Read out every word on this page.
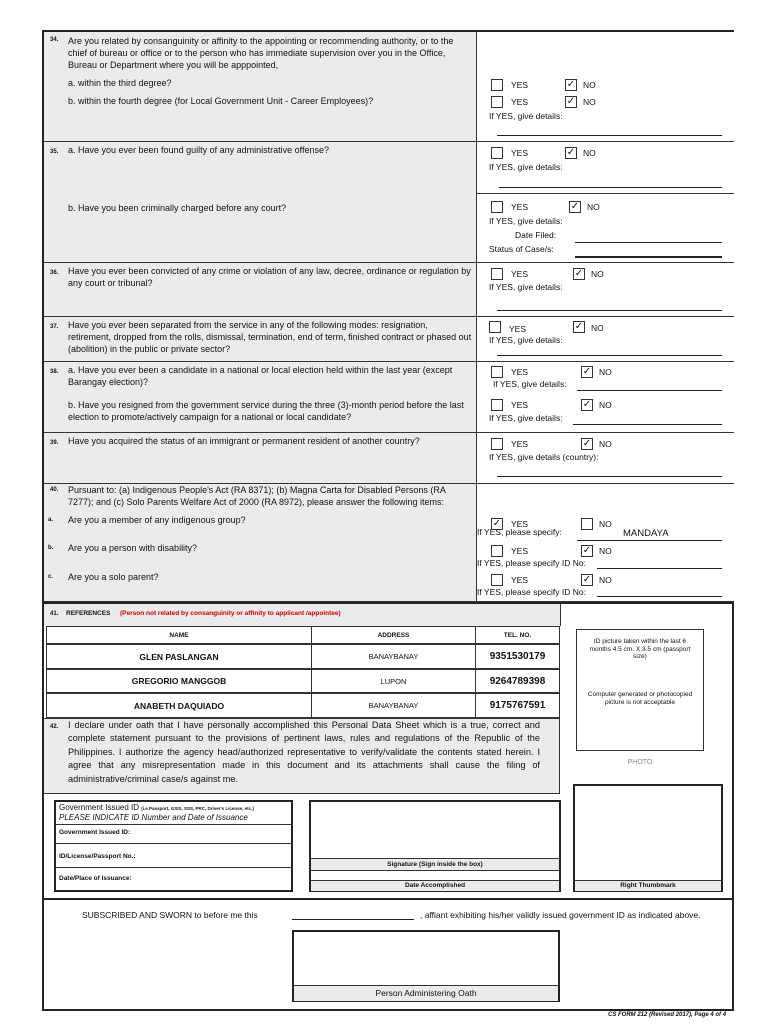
34. Are you related by consanguinity or affinity to the appointing or recommending authority, or to the chief of bureau or office or to the person who has immediate supervision over you in the Office, Bureau or Department where you will be apppointed,
a. within the third degree?
b. within the fourth degree (for Local Government Unit - Career Employees)?
YES	✓ NO
YES	✓ NO
If YES, give details:
35. a. Have you ever been found guilty of any administrative offense?	YES	✓ NO
If YES, give details:
b. Have you been criminally charged before any court?	YES	✓ NO
If YES, give details:
Date Filed:
Status of Case/s:
36. Have you ever been convicted of any crime or violation of any law, decree, ordinance or regulation by any court or tribunal?
YES	✓ NO
If YES, give details:
37. Have you ever been separated from the service in any of the following modes: resignation, retirement, dropped from the rolls, dismissal, termination, end of term, finished contract or phased out (abolition) in the public or private sector?
YES	✓ NO
If YES, give details:
38. a. Have you ever been a candidate in a national or local election held within the last year (except Barangay election)?
b. Have you resigned from the government service during the three (3)-month period before the last election to promote/actively campaign for a national or local candidate?
YES	✓ NO
If YES, give details:
YES	✓ NO
If YES, give details:
39. Have you acquired the status of an immigrant or permanent resident of another country?	YES	✓ NO
If YES, give details (country):
40. Pursuant to: (a) Indigenous People's Act (RA 8371); (b) Magna Carta for Disabled Persons (RA 7277); and (c) Solo Parents Welfare Act of 2000 (RA 8972), please answer the following items:
a. Are you a member of any indigenous group?
b. Are you a person with disability?
c. Are you a solo parent?
✓ YES	NO
If YES, please specify:	MANDAYA
YES	✓ NO
If YES, please specify ID No:
YES	✓ NO
If YES, please specify ID No:
41. REFERENCES (Person not related by consanguinity or affinity to applicant /appointee)
NAME	ADDRESS	TEL. NO.
GLEN PASLANGAN	BANAYBANAY	9351530179
GREGORIO MANGGOB	LUPON	9264789398
ANABETH DAQUIADO	BANAYBANAY	9175767591
ID picture taken within the last 6 months 4.5 cm. X 3.5 cm (passport size)
Computer generated or photocopied picture is not acceptable
PHOTO
42. I declare under oath that I have personally accomplished this Personal Data Sheet which is a true, correct and complete statement pursuant to the provisions of pertinent laws, rules and regulations of the Republic of the Philippines. I authorize the agency head/authorized representative to verify/validate the contents stated herein. I agree that any misrepresentation made in this document and its attachments shall cause the filing of administrative/criminal case/s against me.
Government Issued ID (i.e.Passport, GSIS, SSS, PRC, Driver's License, etc.)
PLEASE INDICATE ID Number and Date of Issuance
Government Issued ID:
ID/License/Passport No.:
Date/Place of Issuance:
Signature (Sign inside the box)
Date Accomplished	Right Thumbmark
SUBSCRIBED AND SWORN to before me this	, affiant exhibiting his/her validly issued government ID as indicated above.
Person Administering Oath
CS FORM 212 (Revised 2017), Page 4 of 4
